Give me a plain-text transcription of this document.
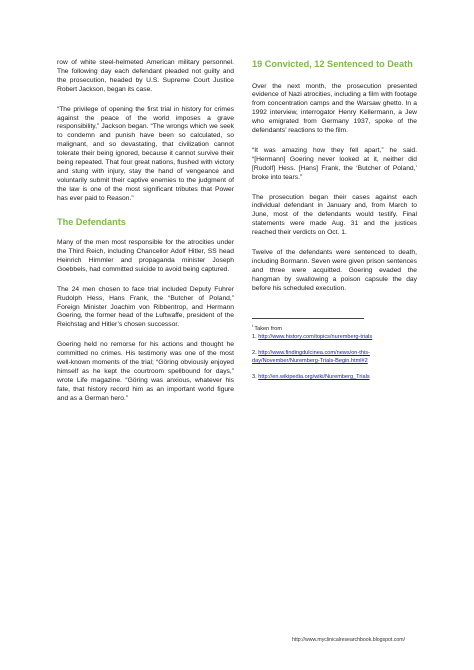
row of white steel-helmeted American military personnel. The following day each defendant pleaded not guilty and the prosecution, headed by U.S. Supreme Court Justice Robert Jackson, began its case.

“The privilege of opening the first trial in history for crimes against the peace of the world imposes a grave responsibility,” Jackson began. “The wrongs which we seek to condemn and punish have been so calculated, so malignant, and so devastating, that civilization cannot tolerate their being ignored, because it cannot survive their being repeated. That four great nations, flushed with victory and stung with injury, stay the hand of vengeance and voluntarily submit their captive enemies to the judgment of the law is one of the most significant tributes that Power has ever paid to Reason.”

The Defendants

Many of the men most responsible for the atrocities under the Third Reich, including Chancellor Adolf Hitler, SS head Heinrich Himmler and propaganda minister Joseph Goebbels, had committed suicide to avoid being captured.

The 24 men chosen to face trial included Deputy Fuhrer Rudolph Hess, Hans Frank, the “Butcher of Poland,” Foreign Minister Joachim von Ribbentrop, and Hermann Goering, the former head of the Luftwaffe, president of the Reichstag and Hitler’s chosen successor.

Goering held no remorse for his actions and thought he committed no crimes. His testimony was one of the most well-known moments of the trial; “Göring obviously enjoyed himself as he kept the courtroom spellbound for days,” wrote Life magazine. “Göring was anxious, whatever his fate, that history record him as an important world figure and as a German hero.”

19 Convicted, 12 Sentenced to Death

Over the next month, the prosecution presented evidence of Nazi atrocities, including a film with footage from concentration camps and the Warsaw ghetto. In a 1992 interview, interrogator Henry Kellermann, a Jew who emigrated from Germany 1937, spoke of the defendants’ reactions to the film.

“It was amazing how they fell apart,” he said. “[Hermann] Goering never looked at it, neither did [Rudolf] Hess. [Hans] Frank, the ‘Butcher of Poland,’ broke into tears.”

The prosecution began their cases against each individual defendant in January and, from March to June, most of the defendants would testify. Final statements were made Aug. 31 and the justices reached their verdicts on Oct. 1.

Twelve of the defendants were sentenced to death, including Bormann. Seven were given prison sentences and three were acquitted. Goering evaded the hangman by swallowing a poison capsule the day before his scheduled execution.

$^i$ Taken from

1. http://www.history.com/topics/nuremberg-trials

2. http://www.findingdulcinea.com/news/on-this-day/November/Nuremberg-Trials-Begin.html#2

3. http://en.wikipedia.org/wiki/Nuremberg_Trials

http://www.myclinicalresearchbook.blogspot.com/
